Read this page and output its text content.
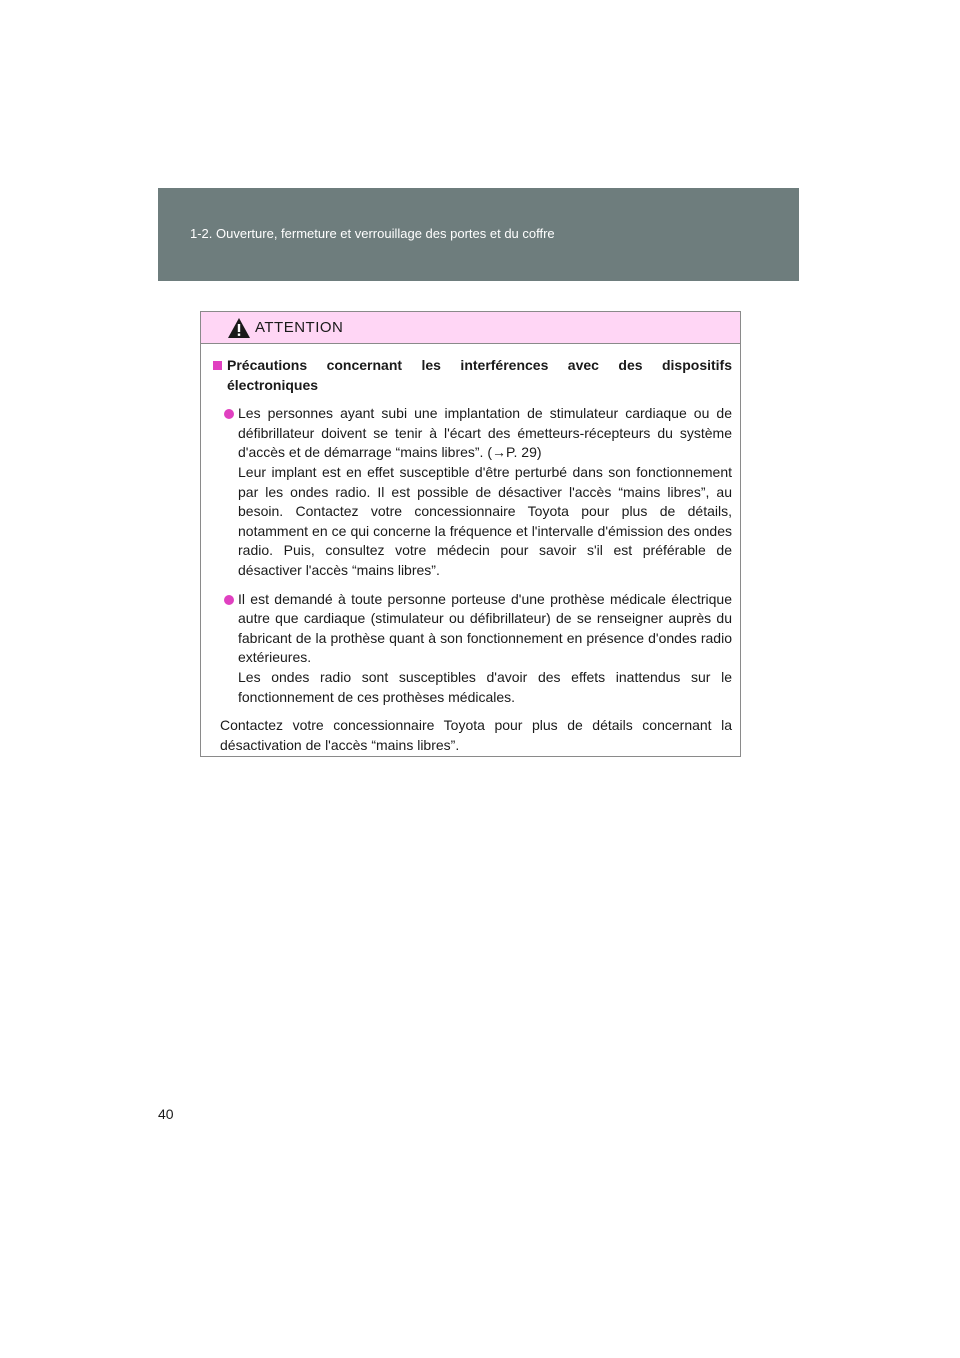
1-2. Ouverture, fermeture et verrouillage des portes et du coffre
ATTENTION
Précautions concernant les interférences avec des dispositifs électroniques

Les personnes ayant subi une implantation de stimulateur cardiaque ou de défibrillateur doivent se tenir à l'écart des émetteurs-récepteurs du système d'accès et de démarrage “mains libres”. (→P. 29)

Leur implant est en effet susceptible d'être perturbé dans son fonctionnement par les ondes radio. Il est possible de désactiver l'accès “mains libres”, au besoin. Contactez votre concessionnaire Toyota pour plus de détails, notamment en ce qui concerne la fréquence et l'intervalle d'émission des ondes radio. Puis, consultez votre médecin pour savoir s'il est préférable de désactiver l'accès “mains libres”.

Il est demandé à toute personne porteuse d'une prothèse médicale électrique autre que cardiaque (stimulateur ou défibrillateur) de se renseigner auprès du fabricant de la prothèse quant à son fonctionnement en présence d'ondes radio extérieures.

Les ondes radio sont susceptibles d'avoir des effets inattendus sur le fonctionnement de ces prothèses médicales.

Contactez votre concessionnaire Toyota pour plus de détails concernant la désactivation de l'accès “mains libres”.

40
